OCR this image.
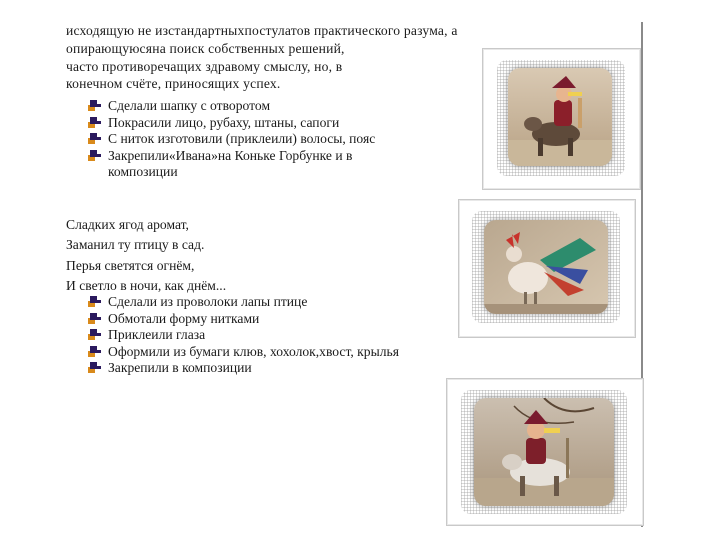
исходящую не изстандартныхпостулатов практического разума, а
опирающуюсяна поиск собственных решений,
часто противоречащих здравому смыслу, но, в
конечном счёте, приносящих успех.
Сделали шапку с отворотом
Покрасили лицо, рубаху, штаны, сапоги
С ниток изготовили (приклеили) волосы, пояс
Закрепили«Ивана»на Коньке Горбунке и в
композиции
Сладких ягод аромат,
Заманил ту птицу в сад.
Перья светятся огнём,
И светло в ночи, как днём...
Сделали из проволоки лапы птице
Обмотали форму нитками
Приклеили глаза
Оформили из бумаги клюв, хохолок,хвост, крылья
Закрепили в композиции
